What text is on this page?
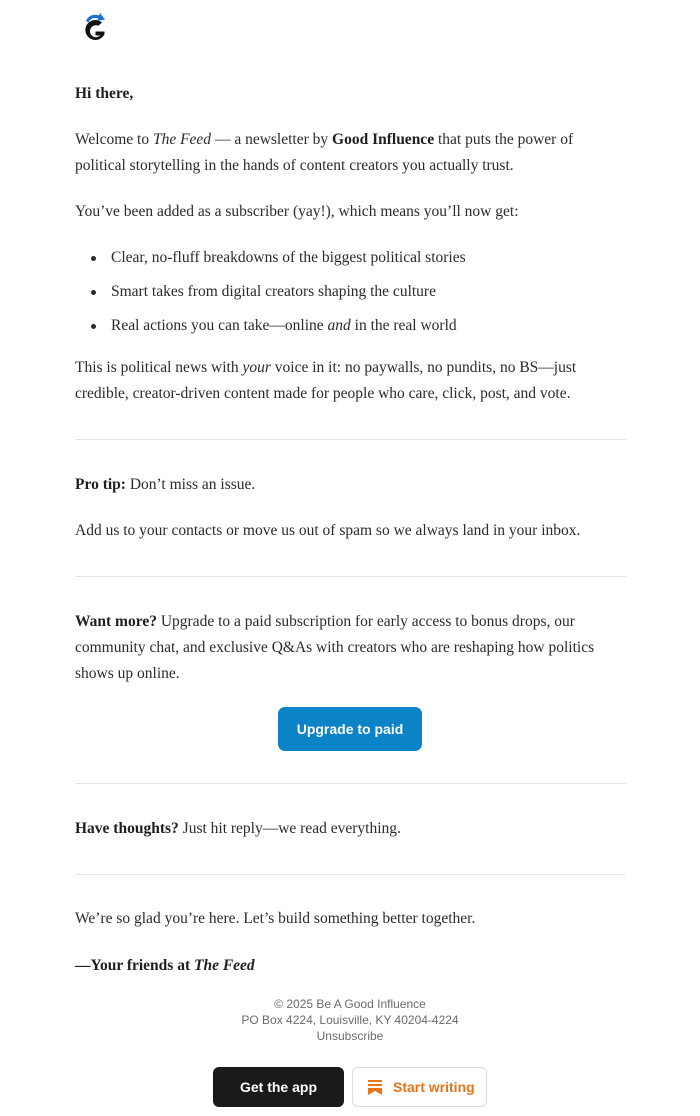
Hi there,

Welcome to The Feed — a newsletter by Good Influence that puts the power of political storytelling in the hands of content creators you actually trust.

You’ve been added as a subscriber (yay!), which means you’ll now get:

Clear, no-fluff breakdowns of the biggest political stories
Smart takes from digital creators shaping the culture
Real actions you can take—online and in the real world

This is political news with your voice in it: no paywalls, no pundits, no BS—just credible, creator-driven content made for people who care, click, post, and vote.

Pro tip: Don’t miss an issue.

Add us to your contacts or move us out of spam so we always land in your inbox.

Want more? Upgrade to a paid subscription for early access to bonus drops, our community chat, and exclusive Q&As with creators who are reshaping how politics shows up online.

Have thoughts? Just hit reply—we read everything.

We’re so glad you’re here. Let’s build something better together.

—Your friends at The Feed

Upgrade to paid
© 2025 Be A Good Influence
PO Box 4224, Louisville, KY 40204-4224
Unsubscribe
Get the app	Start writing
